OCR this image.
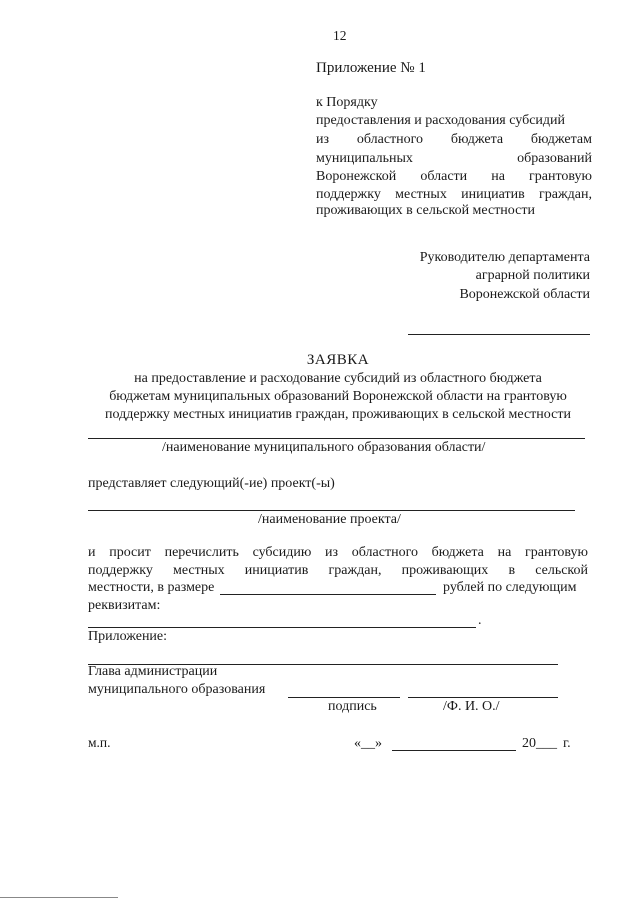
12
Приложение № 1
к Порядку
предоставления и расходования субсидий
из областного бюджета бюджетам
муниципальных образований
Воронежской области на грантовую
поддержку местных инициатив граждан,
проживающих в сельской местности
Руководителю департамента
аграрной политики
Воронежской области
ЗАЯВКА
на предоставление и расходование субсидий из областного бюджета
бюджетам муниципальных образований Воронежской области на грантовую
поддержку местных инициатив граждан, проживающих в сельской местности
/наименование муниципального образования области/
представляет следующий(-ие) проект(-ы)
/наименование проекта/
и просит перечислить субсидию из областного бюджета на грантовую
поддержку местных инициатив граждан, проживающих в сельской
местности, в размере	рублей по следующим
реквизитам:
.
Приложение:
Глава администрации
муниципального образования
подпись	/Ф. И. О./
м.п.	«__»	20___ г.
